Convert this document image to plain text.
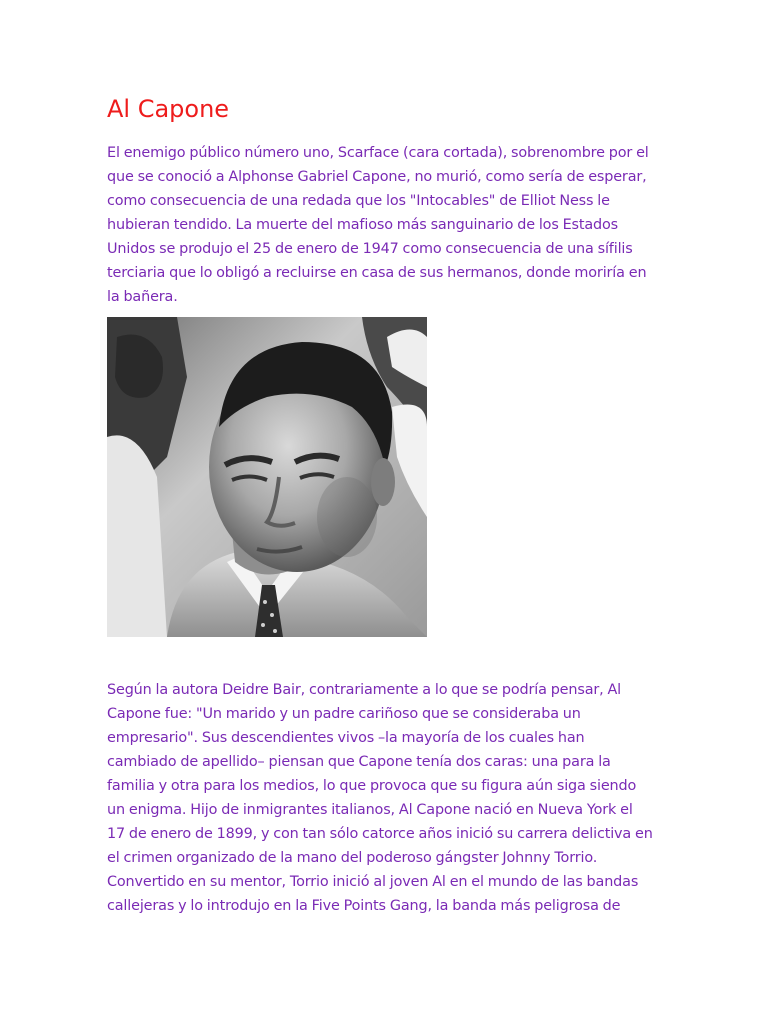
Al Capone

El enemigo público número uno, Scarface (cara cortada), sobrenombre por el
que se conoció a Alphonse Gabriel Capone, no murió, como sería de esperar,
como consecuencia de una redada que los "Intocables" de Elliot Ness le
hubieran tendido. La muerte del mafioso más sanguinario de los Estados
Unidos se produjo el 25 de enero de 1947 como consecuencia de una sífilis
terciaria que lo obligó a recluirse en casa de sus hermanos, donde moriría en
la bañera.

Según la autora Deidre Bair, contrariamente a lo que se podría pensar, Al
Capone fue: "Un marido y un padre cariñoso que se consideraba un
empresario". Sus descendientes vivos –la mayoría de los cuales han
cambiado de apellido– piensan que Capone tenía dos caras: una para la
familia y otra para los medios, lo que provoca que su figura aún siga siendo
un enigma. Hijo de inmigrantes italianos, Al Capone nació en Nueva York el
17 de enero de 1899, y con tan sólo catorce años inició su carrera delictiva en
el crimen organizado de la mano del poderoso gángster Johnny Torrio.
Convertido en su mentor, Torrio inició al joven Al en el mundo de las bandas
callejeras y lo introdujo en la Five Points Gang, la banda más peligrosa de
